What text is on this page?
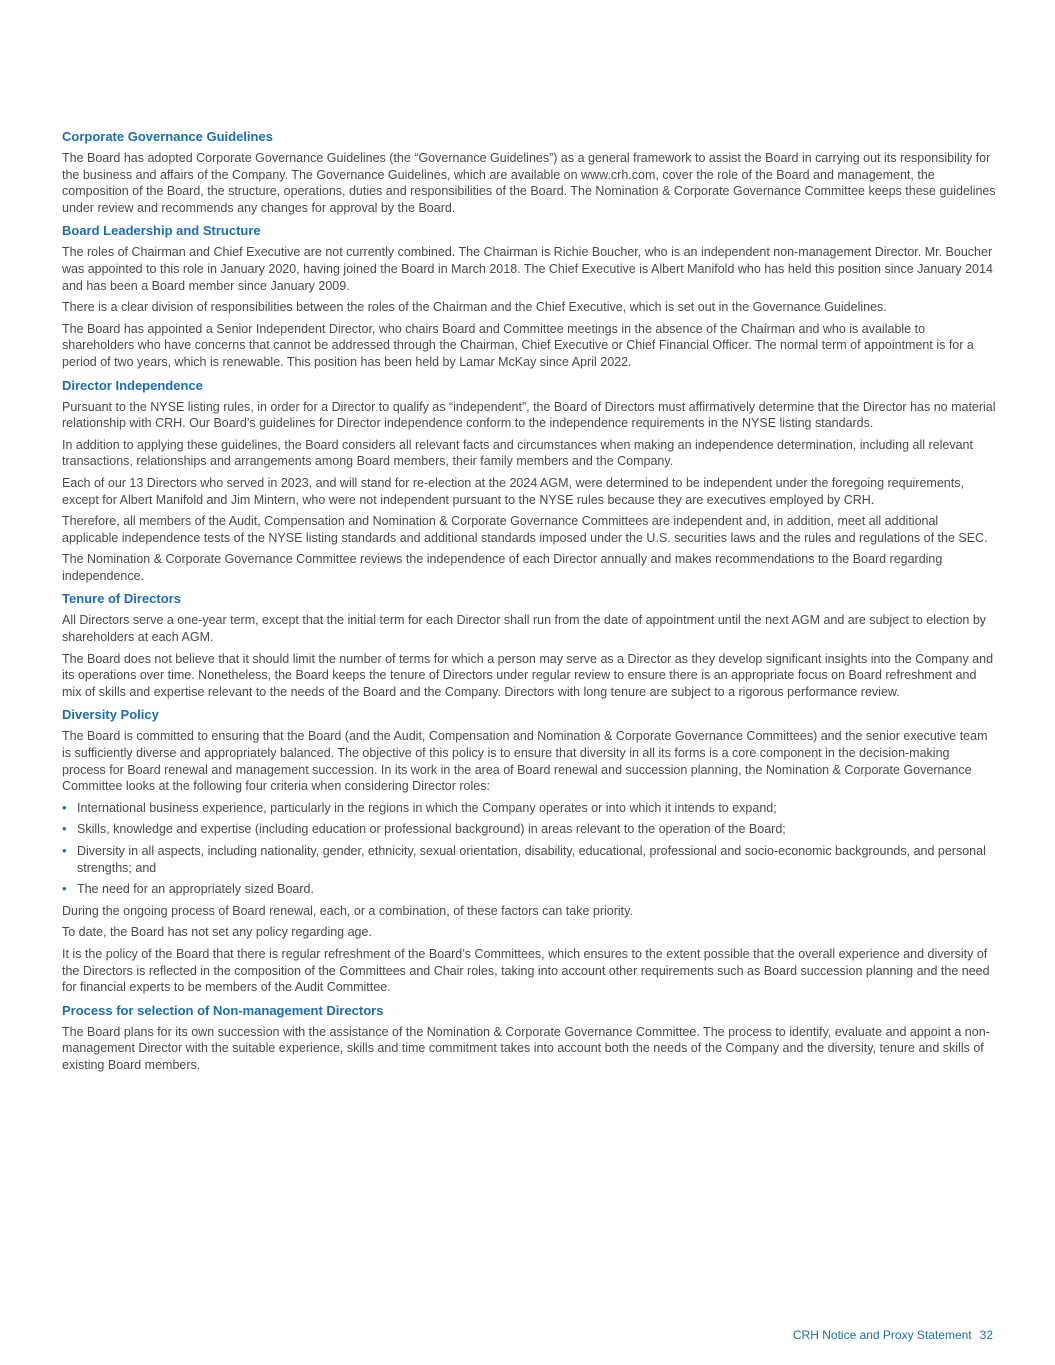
Corporate Governance Guidelines

The Board has adopted Corporate Governance Guidelines (the “Governance Guidelines”) as a general framework to assist the Board in carrying out its responsibility for the business and affairs of the Company. The Governance Guidelines, which are available on www.crh.com, cover the role of the Board and management, the composition of the Board, the structure, operations, duties and responsibilities of the Board. The Nomination & Corporate Governance Committee keeps these guidelines under review and recommends any changes for approval by the Board.

Board Leadership and Structure

The roles of Chairman and Chief Executive are not currently combined. The Chairman is Richie Boucher, who is an independent non-management Director. Mr. Boucher was appointed to this role in January 2020, having joined the Board in March 2018. The Chief Executive is Albert Manifold who has held this position since January 2014 and has been a Board member since January 2009.

There is a clear division of responsibilities between the roles of the Chairman and the Chief Executive, which is set out in the Governance Guidelines.

The Board has appointed a Senior Independent Director, who chairs Board and Committee meetings in the absence of the Chairman and who is available to shareholders who have concerns that cannot be addressed through the Chairman, Chief Executive or Chief Financial Officer. The normal term of appointment is for a period of two years, which is renewable. This position has been held by Lamar McKay since April 2022.

Director Independence

Pursuant to the NYSE listing rules, in order for a Director to qualify as “independent”, the Board of Directors must affirmatively determine that the Director has no material relationship with CRH. Our Board’s guidelines for Director independence conform to the independence requirements in the NYSE listing standards.

In addition to applying these guidelines, the Board considers all relevant facts and circumstances when making an independence determination, including all relevant transactions, relationships and arrangements among Board members, their family members and the Company.

Each of our 13 Directors who served in 2023, and will stand for re-election at the 2024 AGM, were determined to be independent under the foregoing requirements, except for Albert Manifold and Jim Mintern, who were not independent pursuant to the NYSE rules because they are executives employed by CRH.

Therefore, all members of the Audit, Compensation and Nomination & Corporate Governance Committees are independent and, in addition, meet all additional applicable independence tests of the NYSE listing standards and additional standards imposed under the U.S. securities laws and the rules and regulations of the SEC.

The Nomination & Corporate Governance Committee reviews the independence of each Director annually and makes recommendations to the Board regarding independence.

Tenure of Directors

All Directors serve a one-year term, except that the initial term for each Director shall run from the date of appointment until the next AGM and are subject to election by shareholders at each AGM.

The Board does not believe that it should limit the number of terms for which a person may serve as a Director as they develop significant insights into the Company and its operations over time. Nonetheless, the Board keeps the tenure of Directors under regular review to ensure there is an appropriate focus on Board refreshment and mix of skills and expertise relevant to the needs of the Board and the Company. Directors with long tenure are subject to a rigorous performance review.

Diversity Policy

The Board is committed to ensuring that the Board (and the Audit, Compensation and Nomination & Corporate Governance Committees) and the senior executive team is sufficiently diverse and appropriately balanced. The objective of this policy is to ensure that diversity in all its forms is a core component in the decision-making process for Board renewal and management succession. In its work in the area of Board renewal and succession planning, the Nomination & Corporate Governance Committee looks at the following four criteria when considering Director roles:

• International business experience, particularly in the regions in which the Company operates or into which it intends to expand;
• Skills, knowledge and expertise (including education or professional background) in areas relevant to the operation of the Board;
• Diversity in all aspects, including nationality, gender, ethnicity, sexual orientation, disability, educational, professional and socio-economic backgrounds, and personal strengths; and
• The need for an appropriately sized Board.

During the ongoing process of Board renewal, each, or a combination, of these factors can take priority.

To date, the Board has not set any policy regarding age.

It is the policy of the Board that there is regular refreshment of the Board’s Committees, which ensures to the extent possible that the overall experience and diversity of the Directors is reflected in the composition of the Committees and Chair roles, taking into account other requirements such as Board succession planning and the need for financial experts to be members of the Audit Committee.

Process for selection of Non-management Directors

The Board plans for its own succession with the assistance of the Nomination & Corporate Governance Committee. The process to identify, evaluate and appoint a non-management Director with the suitable experience, skills and time commitment takes into account both the needs of the Company and the diversity, tenure and skills of existing Board members.

CRH Notice and Proxy Statement 32
